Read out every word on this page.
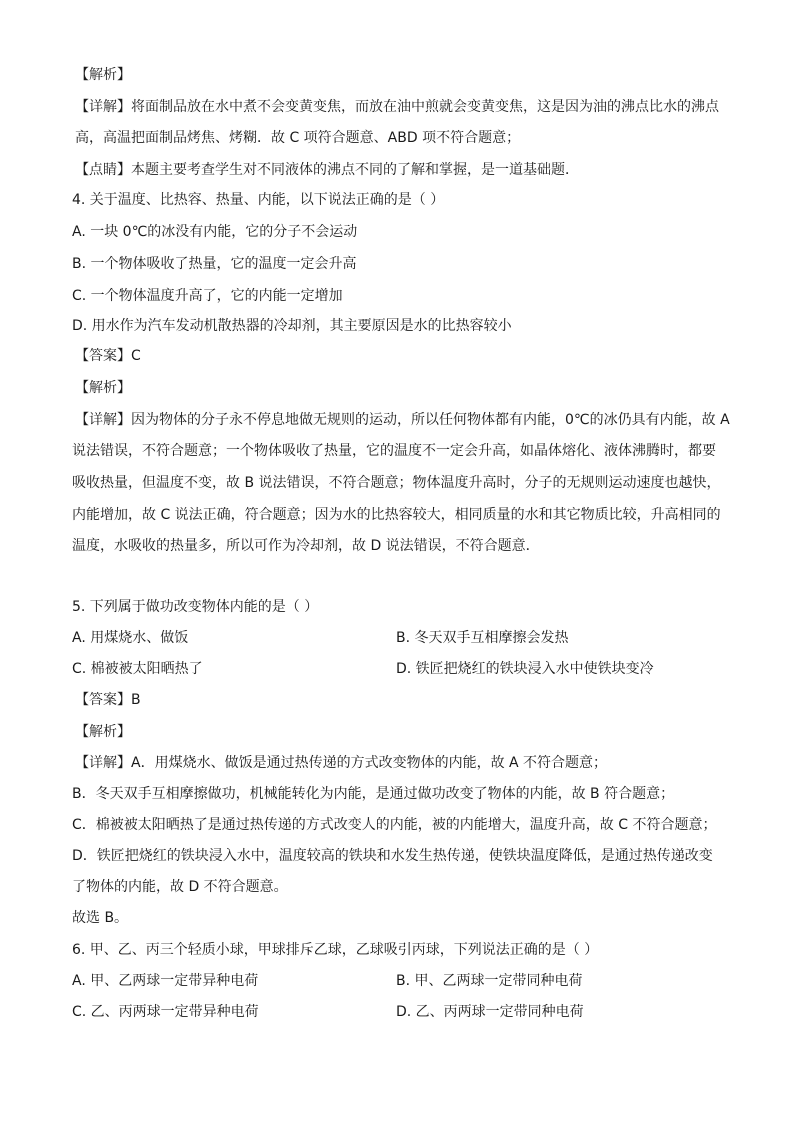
【解析】
【详解】将面制品放在水中煮不会变黄变焦，而放在油中煎就会变黄变焦，这是因为油的沸点比水的沸点
高，高温把面制品烤焦、烤糊．故 C 项符合题意、ABD 项不符合题意；
【点睛】本题主要考查学生对不同液体的沸点不同的了解和掌握，是一道基础题．
4. 关于温度、比热容、热量、内能，以下说法正确的是（ ）
A. 一块 0℃的冰没有内能，它的分子不会运动
B. 一个物体吸收了热量，它的温度一定会升高
C. 一个物体温度升高了，它的内能一定增加
D. 用水作为汽车发动机散热器的冷却剂，其主要原因是水的比热容较小
【答案】C
【解析】
【详解】因为物体的分子永不停息地做无规则的运动，所以任何物体都有内能，0℃的冰仍具有内能，故 A
说法错误，不符合题意；一个物体吸收了热量，它的温度不一定会升高，如晶体熔化、液体沸腾时，都要
吸收热量，但温度不变，故 B 说法错误，不符合题意；物体温度升高时，分子的无规则运动速度也越快，
内能增加，故 C 说法正确，符合题意；因为水的比热容较大，相同质量的水和其它物质比较，升高相同的
温度，水吸收的热量多，所以可作为冷却剂，故 D 说法错误，不符合题意．
5. 下列属于做功改变物体内能的是（ ）
A. 用煤烧水、做饭	B. 冬天双手互相摩擦会发热
C. 棉被被太阳晒热了	D. 铁匠把烧红的铁块浸入水中使铁块变冷
【答案】B
【解析】
【详解】A．用煤烧水、做饭是通过热传递的方式改变物体的内能，故 A 不符合题意；
B．冬天双手互相摩擦做功，机械能转化为内能，是通过做功改变了物体的内能，故 B 符合题意；
C．棉被被太阳晒热了是通过热传递的方式改变人的内能，被的内能增大，温度升高，故 C 不符合题意；
D．铁匠把烧红的铁块浸入水中，温度较高的铁块和水发生热传递，使铁块温度降低，是通过热传递改变
了物体的内能，故 D 不符合题意。
故选 B。
6. 甲、乙、丙三个轻质小球，甲球排斥乙球，乙球吸引丙球，下列说法正确的是（ ）
A. 甲、乙两球一定带异种电荷	B. 甲、乙两球一定带同种电荷
C. 乙、丙两球一定带异种电荷	D. 乙、丙两球一定带同种电荷
